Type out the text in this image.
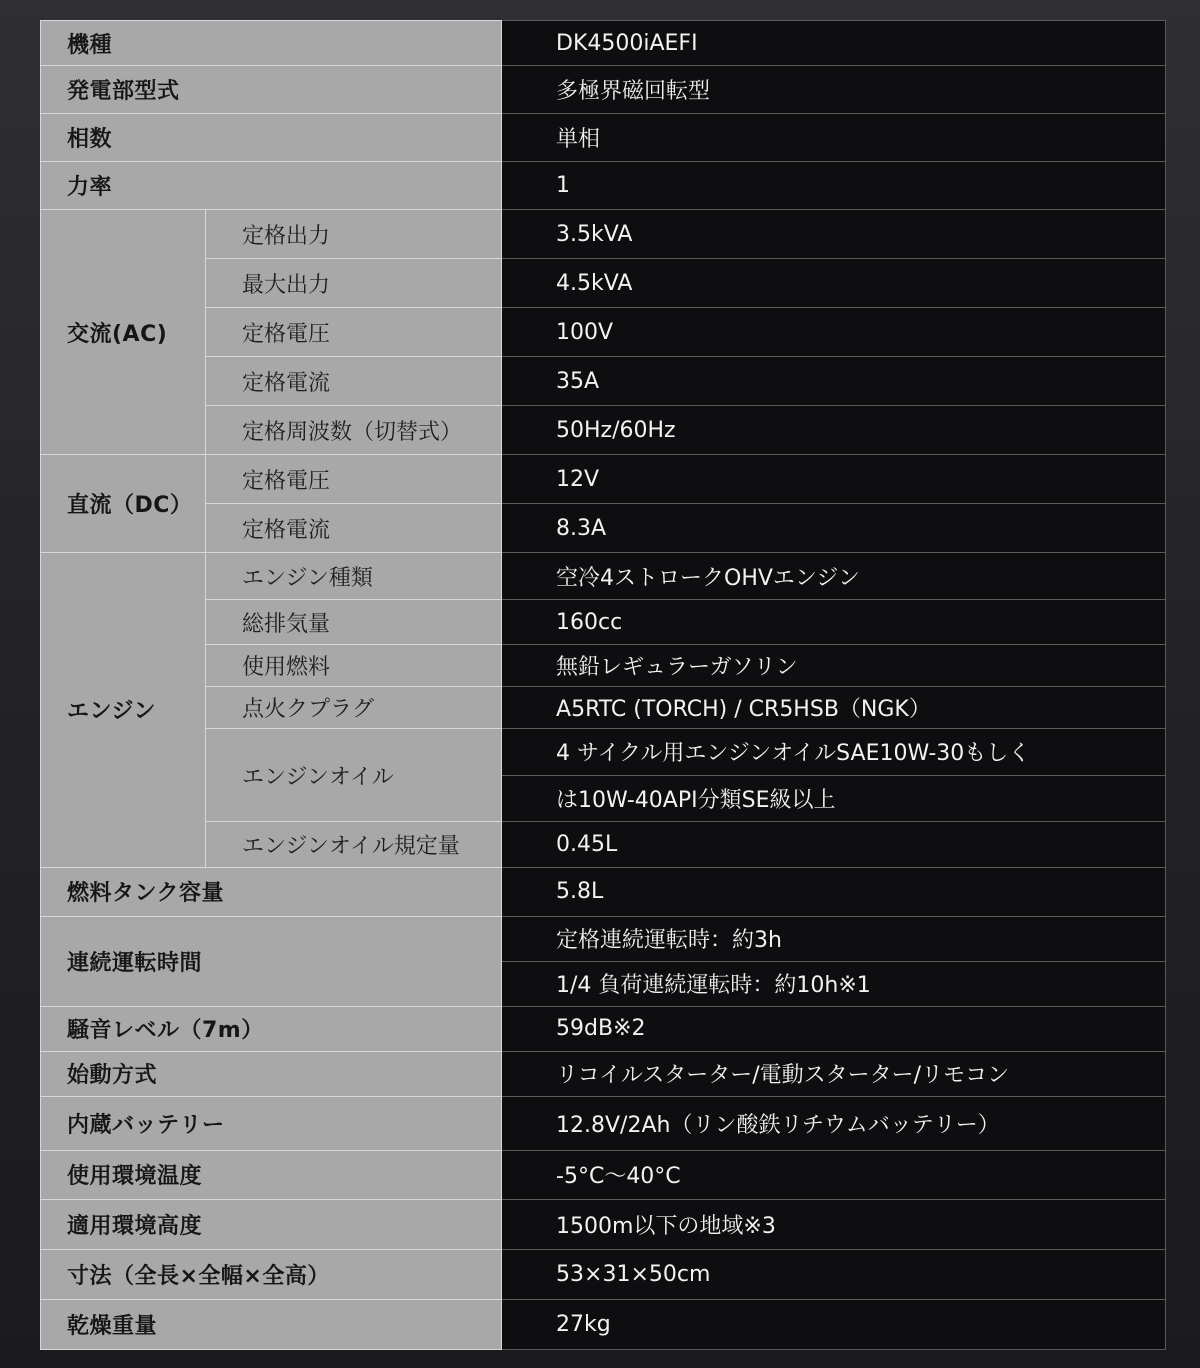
機種		DK4500iAEFI
発電部型式		多極界磁回転型
相数		単相
力率		1
交流(AC)	定格出力	3.5kVA
	最大出力	4.5kVA
	定格電圧	100V
	定格電流	35A
	定格周波数（切替式）	50Hz/60Hz
直流（DC）	定格電圧	12V
	定格電流	8.3A
エンジン	エンジン種類	空冷4ストロークOHVエンジン
	総排気量	160cc
	使用燃料	無鉛レギュラーガソリン
	点火クプラグ	A5RTC (TORCH) / CR5HSB（NGK）
	エンジンオイル	4 サイクル用エンジンオイルSAE10W-30もしく
		は10W-40API分類SE級以上
	エンジンオイル規定量	0.45L
燃料タンク容量		5.8L
連続運転時間		定格連続運転時：約3h
		1/4 負荷連続運転時：約10h※1
騒音レベル（7m）		59dB※2
始動方式		リコイルスターター/電動スターター/リモコン
内蔵バッテリー		12.8V/2Ah（リン酸鉄リチウムバッテリー）
使用環境温度		-5°C〜40°C
適用環境高度		1500m以下の地域※3
寸法（全長×全幅×全高）		53×31×50cm
乾燥重量		27kg
